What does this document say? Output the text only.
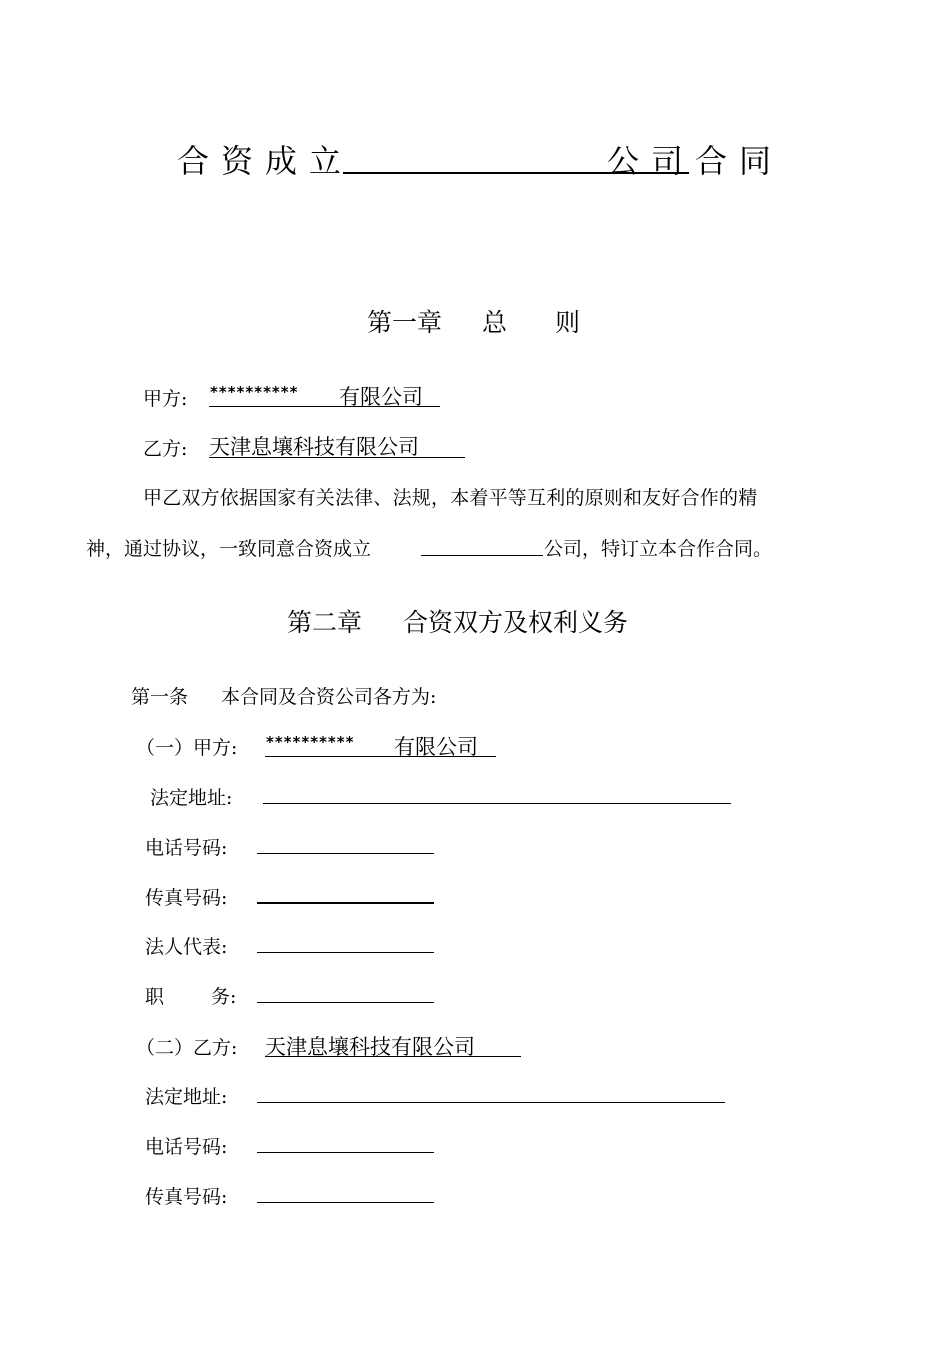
合资成立	公司 合同
第一章 总 则
甲方: ********** 有限公司
乙方: 天津息壤科技有限公司
甲乙双方依据国家有关法律、法规，本着平等互利的原则和友好合作的精
神，通过协议，一致同意合资成立	公司，特订立本合作合同。
第二章 合资双方及权利义务
第一条 本合同及合资公司各方为:
（一）甲方: ********** 有限公司
法定地址:
电话号码:
传真号码:
法人代表:
职 务:
（二）乙方: 天津息壤科技有限公司
法定地址:
电话号码:
传真号码:
